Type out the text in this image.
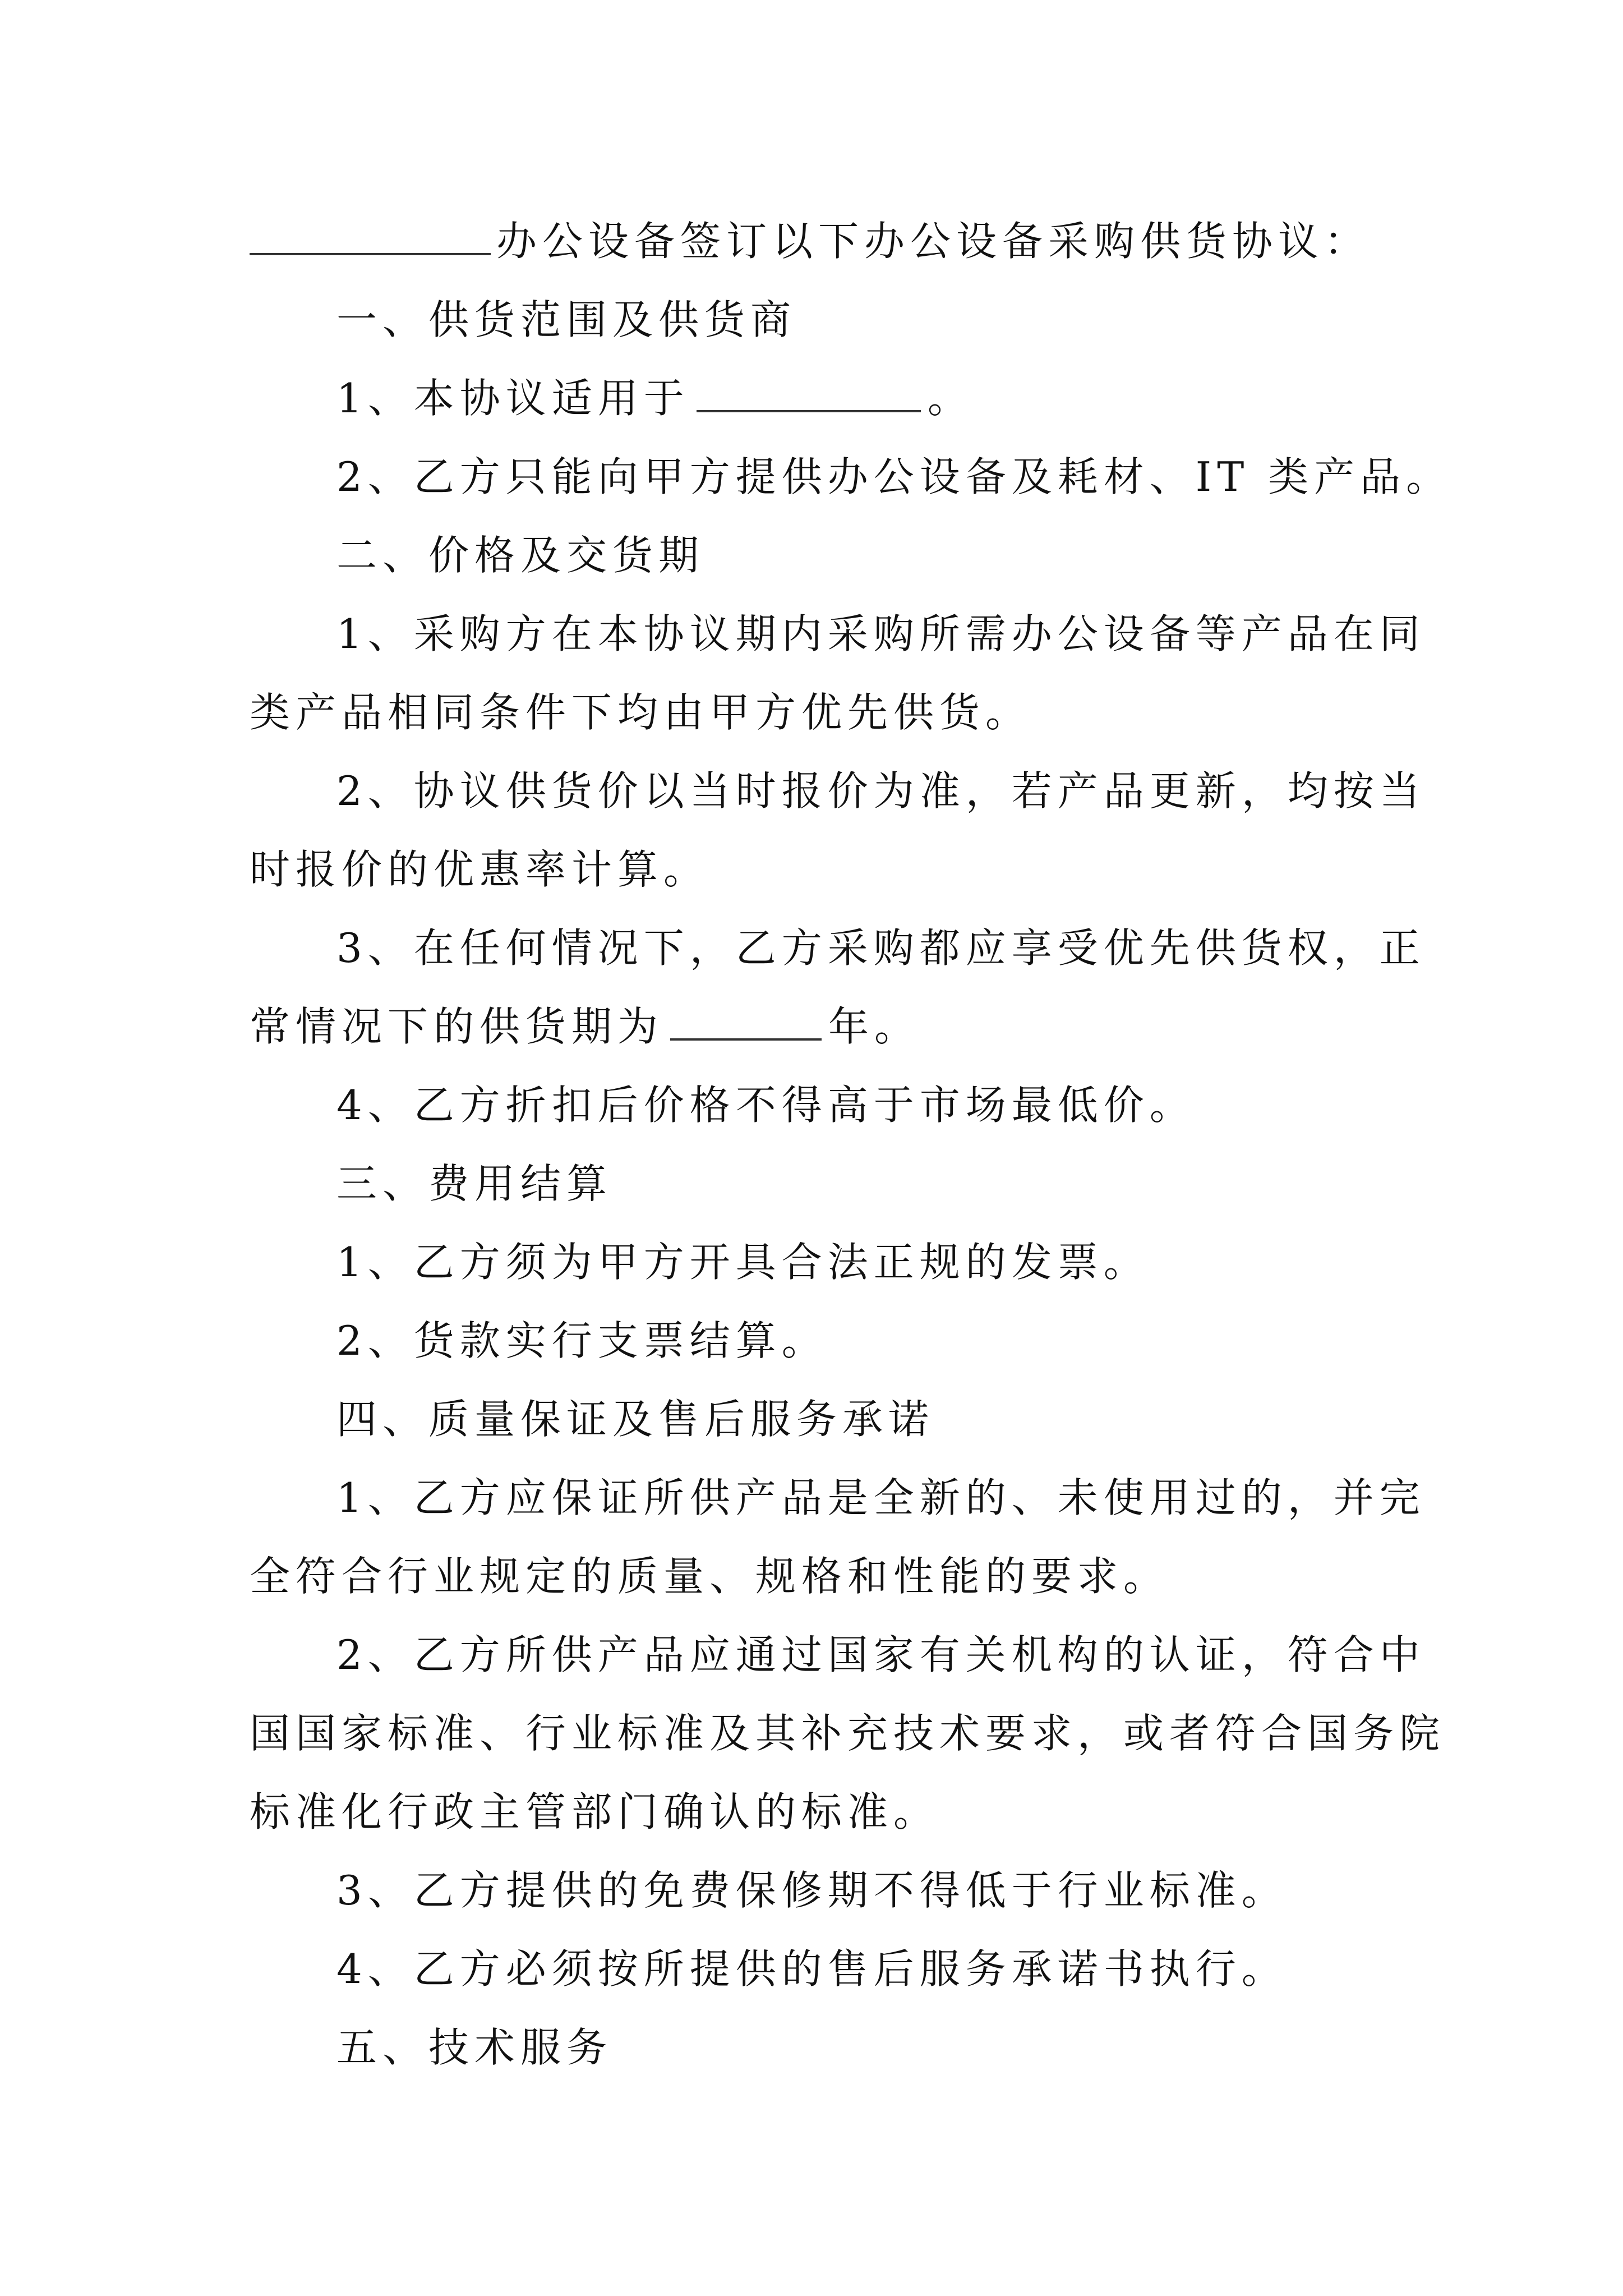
办公设备签订以下办公设备采购供货协议：
一、供货范围及供货商
1、本协议适用于	。
2、乙方只能向甲方提供办公设备及耗材、IT 类产品。
二、价格及交货期
1、采购方在本协议期内采购所需办公设备等产品在同
类产品相同条件下均由甲方优先供货。
2、协议供货价以当时报价为准，若产品更新，均按当
时报价的优惠率计算。
3、在任何情况下，乙方采购都应享受优先供货权，正
常情况下的供货期为	年。
4、乙方折扣后价格不得高于市场最低价。
三、费用结算
1、乙方须为甲方开具合法正规的发票。
2、货款实行支票结算。
四、质量保证及售后服务承诺
1、乙方应保证所供产品是全新的、未使用过的，并完
全符合行业规定的质量、规格和性能的要求。
2、乙方所供产品应通过国家有关机构的认证，符合中
国国家标准、行业标准及其补充技术要求，或者符合国务院
标准化行政主管部门确认的标准。
3、乙方提供的免费保修期不得低于行业标准。
4、乙方必须按所提供的售后服务承诺书执行。
五、技术服务
